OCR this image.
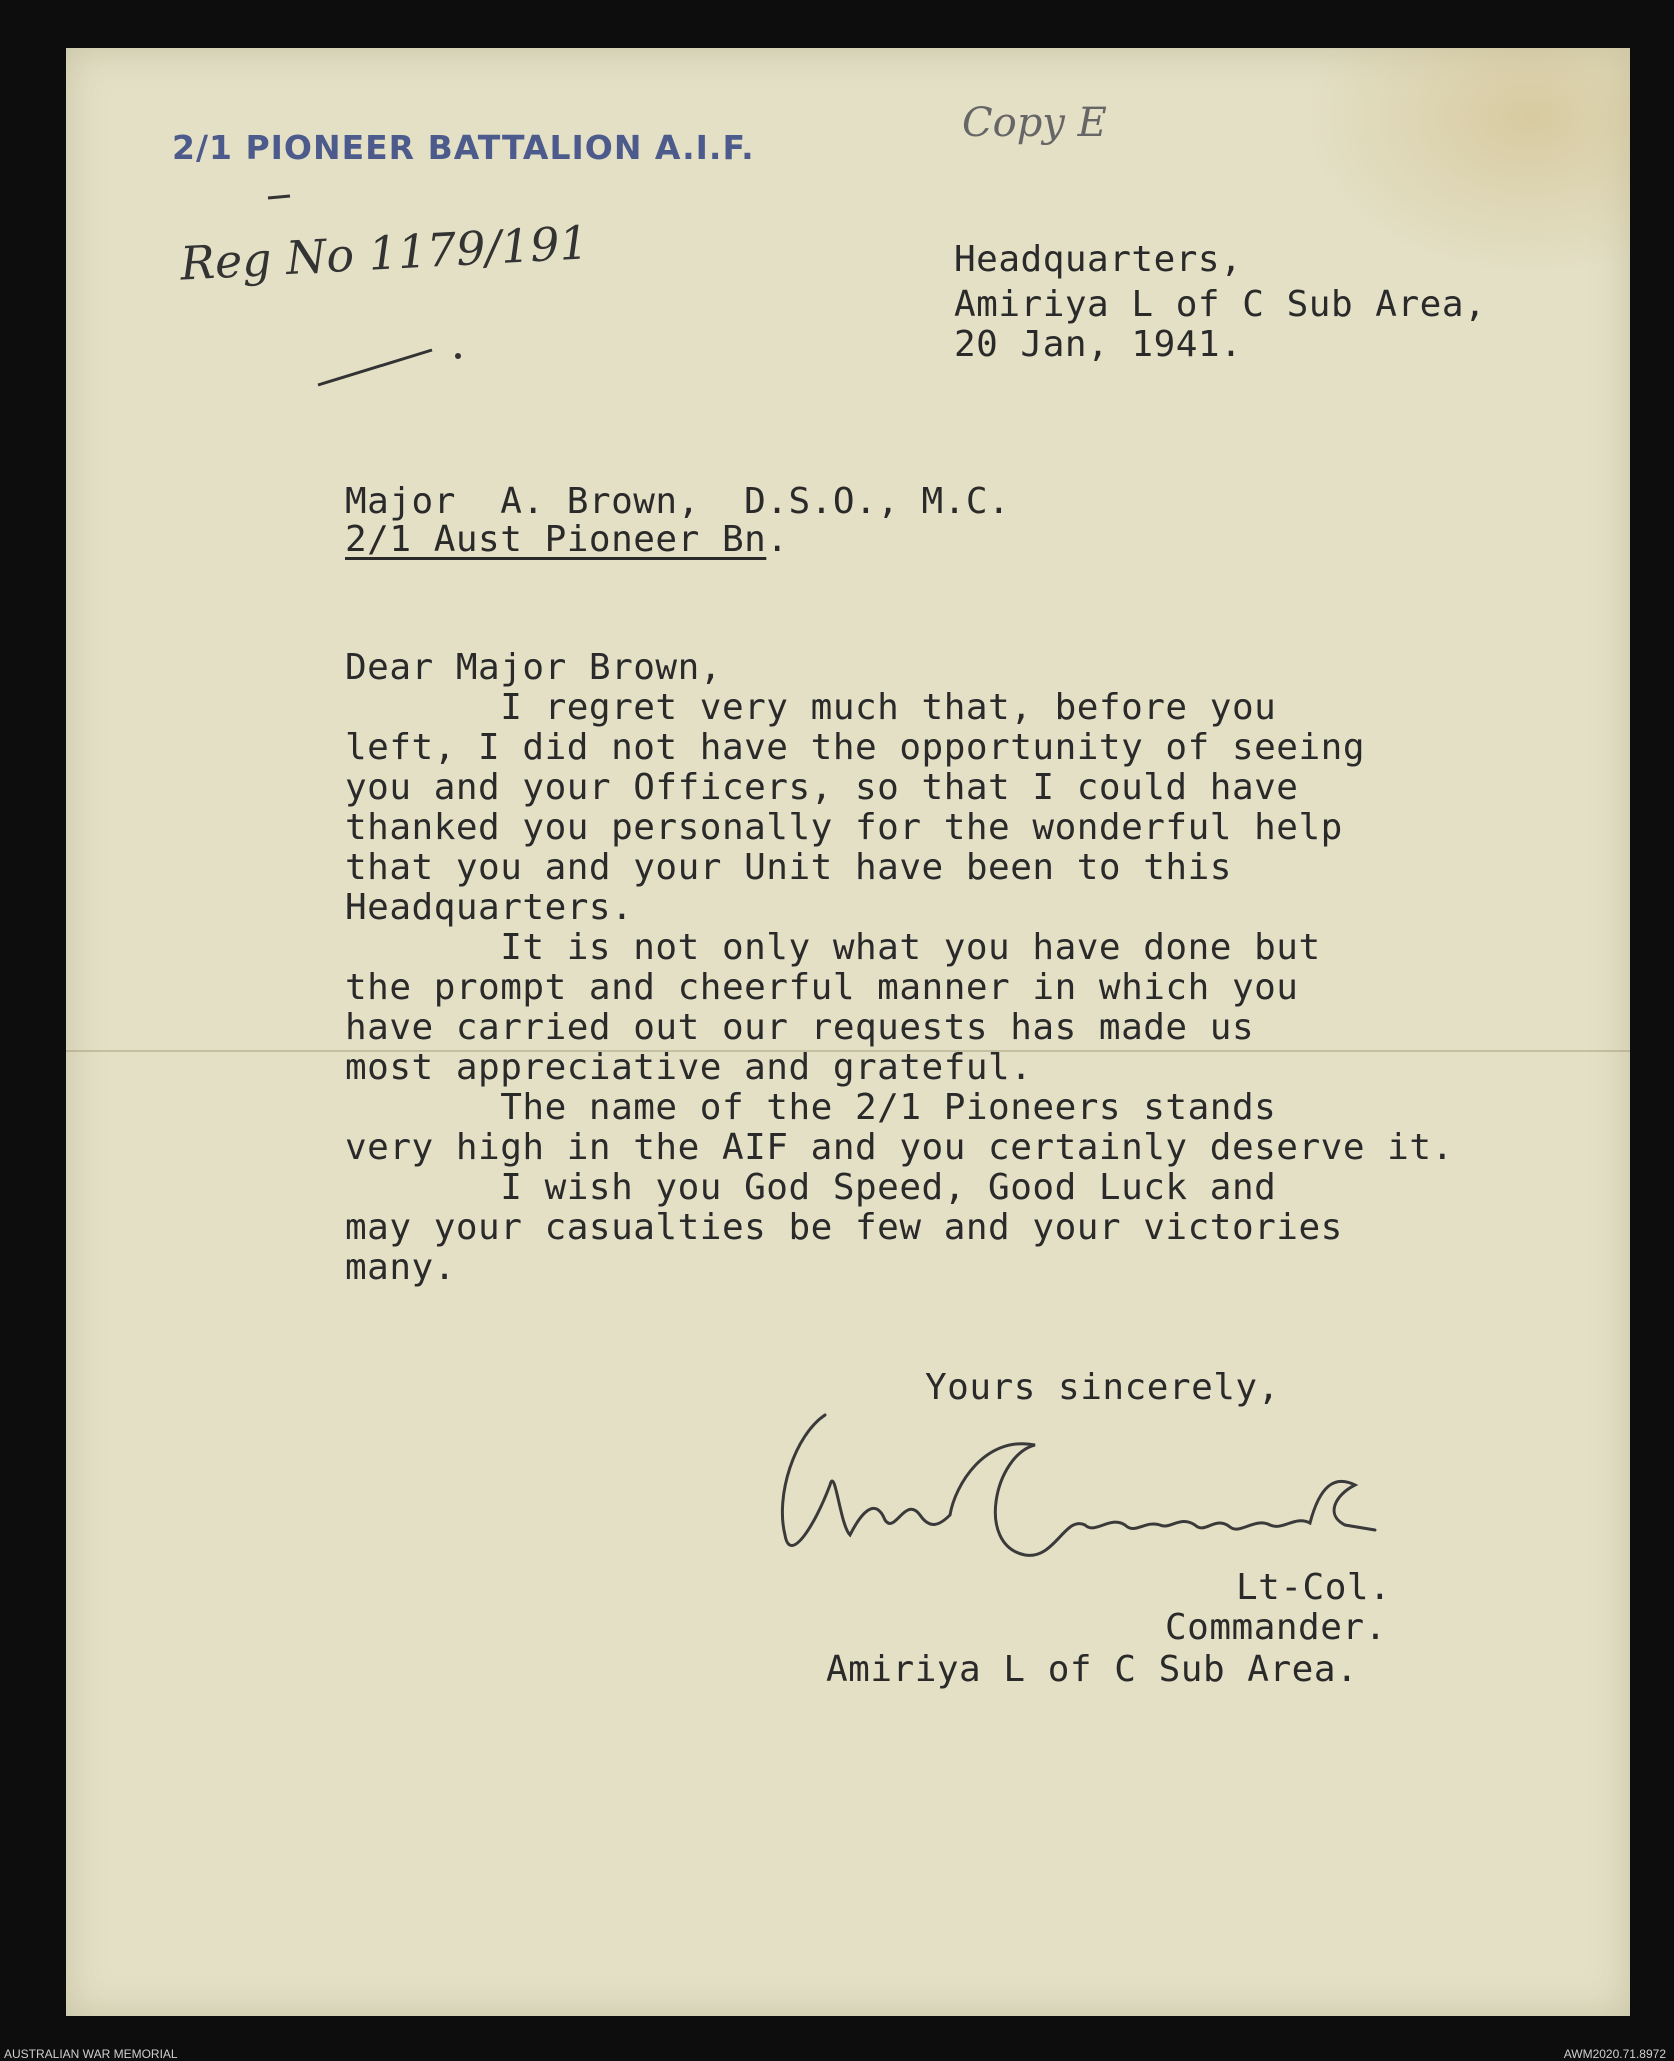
2/1 PIONEER BATTALION A.I.F.
Reg No 1179/191
Copy E
Headquarters,
Amiriya L of C Sub Area,
20 Jan, 1941.
Major  A. Brown,  D.S.O., M.C.
2/1 Aust Pioneer Bn.
Dear Major Brown,
I regret very much that, before you
left, I did not have the opportunity of seeing
you and your Officers, so that I could have
thanked you personally for the wonderful help
that you and your Unit have been to this
Headquarters.
It is not only what you have done but
the prompt and cheerful manner in which you
have carried out our requests has made us
most appreciative and grateful.
The name of the 2/1 Pioneers stands
very high in the AIF and you certainly deserve it.
I wish you God Speed, Good Luck and
may your casualties be few and your victories
many.
Yours sincerely,
Lt-Col.
Commander.
Amiriya L of C Sub Area.
AUSTRALIAN WAR MEMORIAL	AWM2020.71.8972
